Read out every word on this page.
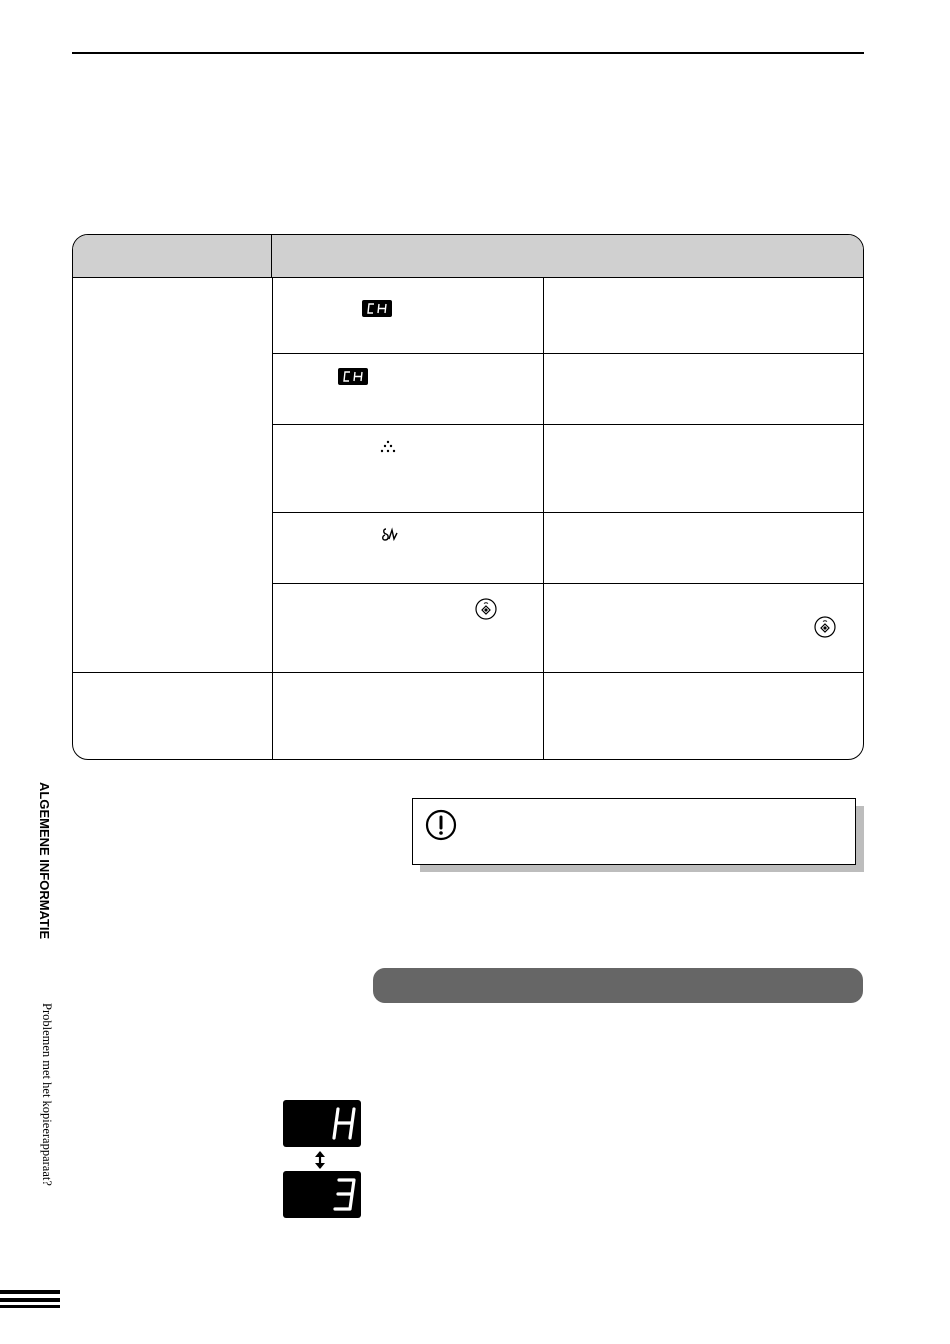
ALGEMENE INFORMATIE
Problemen met het kopieerapparaat?
